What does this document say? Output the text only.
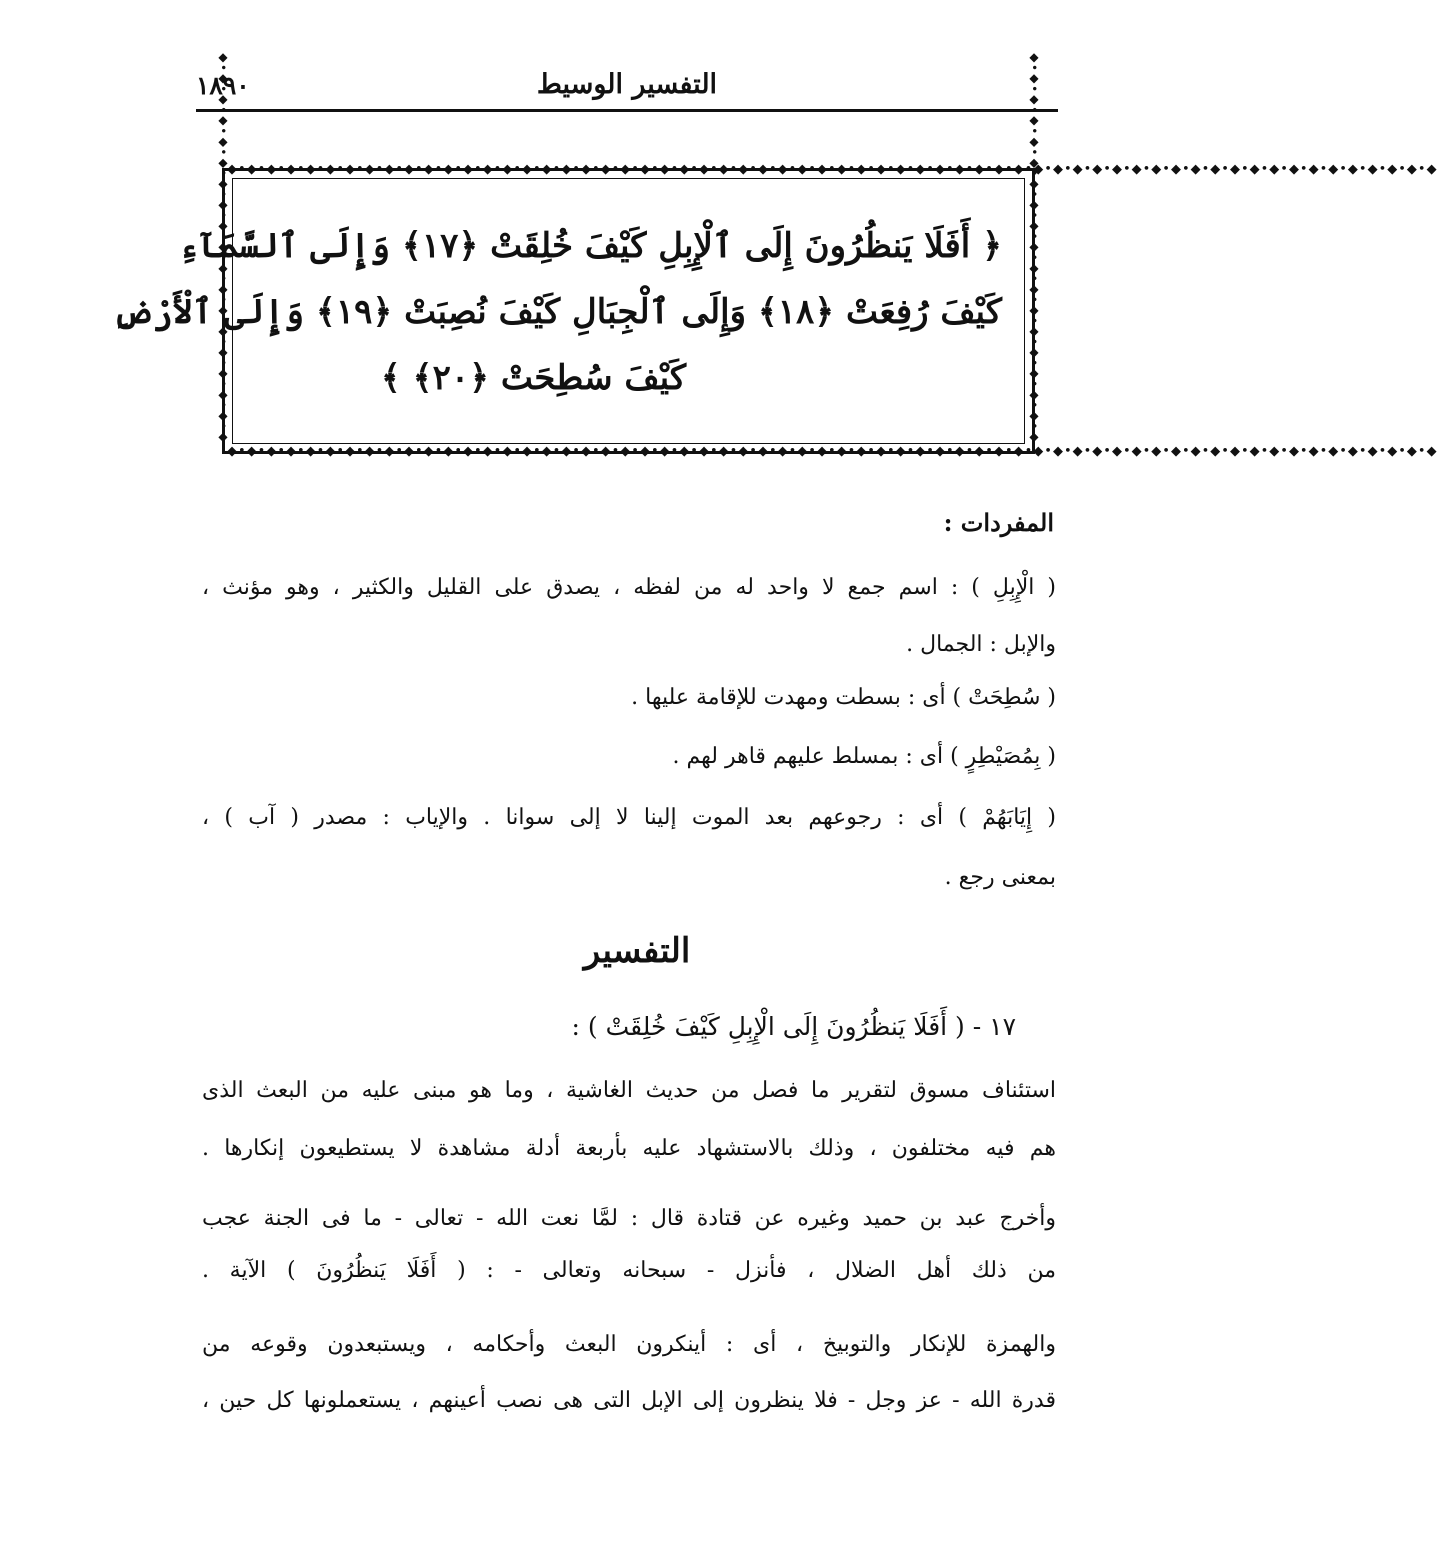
التفسير الوسيط
١٨٩٠
◆•◆•◆•◆•◆•◆•◆•◆•◆•◆•◆•◆•◆•◆•◆•◆•◆•◆•◆•◆•◆•◆•◆•◆•◆•◆•◆•◆•◆•◆•◆•◆•◆•◆•◆•◆•◆•◆•◆•◆•◆•◆•◆•◆•◆•◆•◆•◆•◆•◆•◆•◆•◆•◆•◆•◆•◆•◆•◆•◆•◆•◆
◆•◆•◆•◆•◆•◆•◆•◆•◆•◆•◆•◆•◆•◆•◆•◆•◆•◆•◆•◆•◆•◆•◆•◆•◆•◆•◆•◆•◆•◆•◆•◆•◆•◆•◆•◆•◆•◆•◆•◆•◆•◆•◆•◆•◆•◆•◆•◆•◆•◆•◆•◆•◆•◆•◆•◆•◆•◆•◆•◆•◆•◆
◆•◆•◆•◆•◆•◆•◆•◆•◆•◆•◆•◆•◆•◆•◆•◆•◆•◆•◆
◆•◆•◆•◆•◆•◆•◆•◆•◆•◆•◆•◆•◆•◆•◆•◆•◆•◆•◆
﴿ أَفَلَا يَنظُرُونَ إِلَى ٱلْإِبِلِ كَيْفَ خُلِقَتْ ﴿١٧﴾ وَإِلَى ٱلسَّمَآءِ
كَيْفَ رُفِعَتْ ﴿١٨﴾ وَإِلَى ٱلْجِبَالِ كَيْفَ نُصِبَتْ ﴿١٩﴾ وَإِلَى ٱلْأَرْضِ
كَيْفَ سُطِحَتْ ﴿٢٠﴾ ﴾
المفردات :
( الْإِبِلِ ) : اسم جمع لا واحد له من لفظه ، يصدق على القليل والكثير ، وهو مؤنث ،
والإبل : الجمال .
( سُطِحَتْ ) أى : بسطت ومهدت للإقامة عليها .
( بِمُصَيْطِرٍ ) أى : بمسلط عليهم قاهر لهم .
( إِيَابَهُمْ ) أى : رجوعهم بعد الموت إلينا لا إلى سوانا . والإياب : مصدر ( آب ) ،
بمعنى رجع .
التفسير
١٧ - ( أَفَلَا يَنظُرُونَ إِلَى الْإِبِلِ كَيْفَ خُلِقَتْ ) :
استئناف مسوق لتقرير ما فصل من حديث الغاشية ، وما هو مبنى عليه من البعث الذى
هم فيه مختلفون ، وذلك بالاستشهاد عليه بأربعة أدلة مشاهدة لا يستطيعون إنكارها .
وأخرج عبد بن حميد وغيره عن قتادة قال : لمَّا نعت الله - تعالى - ما فى الجنة عجب
من ذلك أهل الضلال ، فأنزل - سبحانه وتعالى - : ( أَفَلَا يَنظُرُونَ ) الآية .
والهمزة للإنكار والتوبيخ ، أى : أينكرون البعث وأحكامه ، ويستبعدون وقوعه من
قدرة الله - عز وجل - فلا ينظرون إلى الإبل التى هى نصب أعينهم ، يستعملونها كل حين ،
